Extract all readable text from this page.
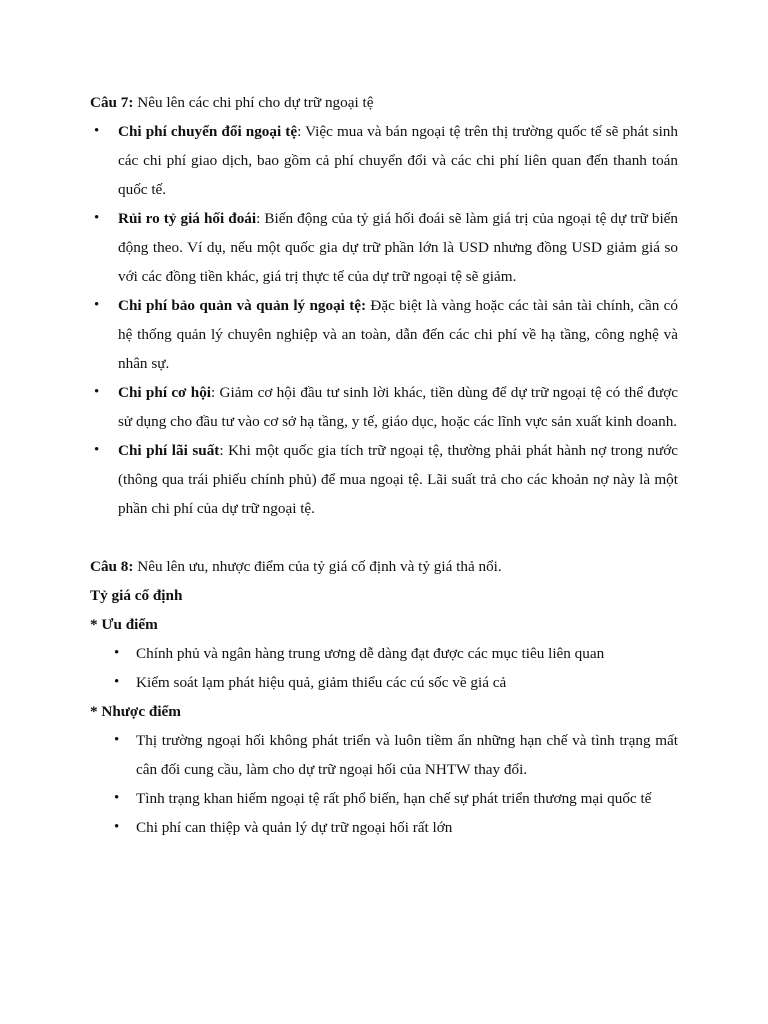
Câu 7: Nêu lên các chi phí cho dự trữ ngoại tệ

• Chi phí chuyển đổi ngoại tệ: Việc mua và bán ngoại tệ trên thị trường quốc tế sẽ phát sinh các chi phí giao dịch, bao gồm cả phí chuyển đổi và các chi phí liên quan đến thanh toán quốc tế.
• Rủi ro tỷ giá hối đoái: Biến động của tỷ giá hối đoái sẽ làm giá trị của ngoại tệ dự trữ biến động theo. Ví dụ, nếu một quốc gia dự trữ phần lớn là USD nhưng đồng USD giảm giá so với các đồng tiền khác, giá trị thực tế của dự trữ ngoại tệ sẽ giảm.
• Chi phí bảo quản và quản lý ngoại tệ: Đặc biệt là vàng hoặc các tài sản tài chính, cần có hệ thống quản lý chuyên nghiệp và an toàn, dẫn đến các chi phí về hạ tầng, công nghệ và nhân sự.
• Chi phí cơ hội: Giảm cơ hội đầu tư sinh lời khác, tiền dùng để dự trữ ngoại tệ có thể được sử dụng cho đầu tư vào cơ sở hạ tầng, y tế, giáo dục, hoặc các lĩnh vực sản xuất kinh doanh.
• Chi phí lãi suất: Khi một quốc gia tích trữ ngoại tệ, thường phải phát hành nợ trong nước (thông qua trái phiếu chính phủ) để mua ngoại tệ. Lãi suất trả cho các khoản nợ này là một phần chi phí của dự trữ ngoại tệ.

Câu 8: Nêu lên ưu, nhược điểm của tỷ giá cố định và tỷ giá thả nổi.

Tỷ giá cố định

* Ưu điểm

• Chính phủ và ngân hàng trung ương dễ dàng đạt được các mục tiêu liên quan
• Kiểm soát lạm phát hiệu quả, giảm thiểu các cú sốc về giá cả

* Nhược điểm

• Thị trường ngoại hối không phát triển và luôn tiềm ẩn những hạn chế và tình trạng mất cân đối cung cầu, làm cho dự trữ ngoại hối của NHTW thay đổi.
• Tình trạng khan hiếm ngoại tệ rất phổ biến, hạn chế sự phát triển thương mại quốc tế
• Chi phí can thiệp và quản lý dự trữ ngoại hối rất lớn
